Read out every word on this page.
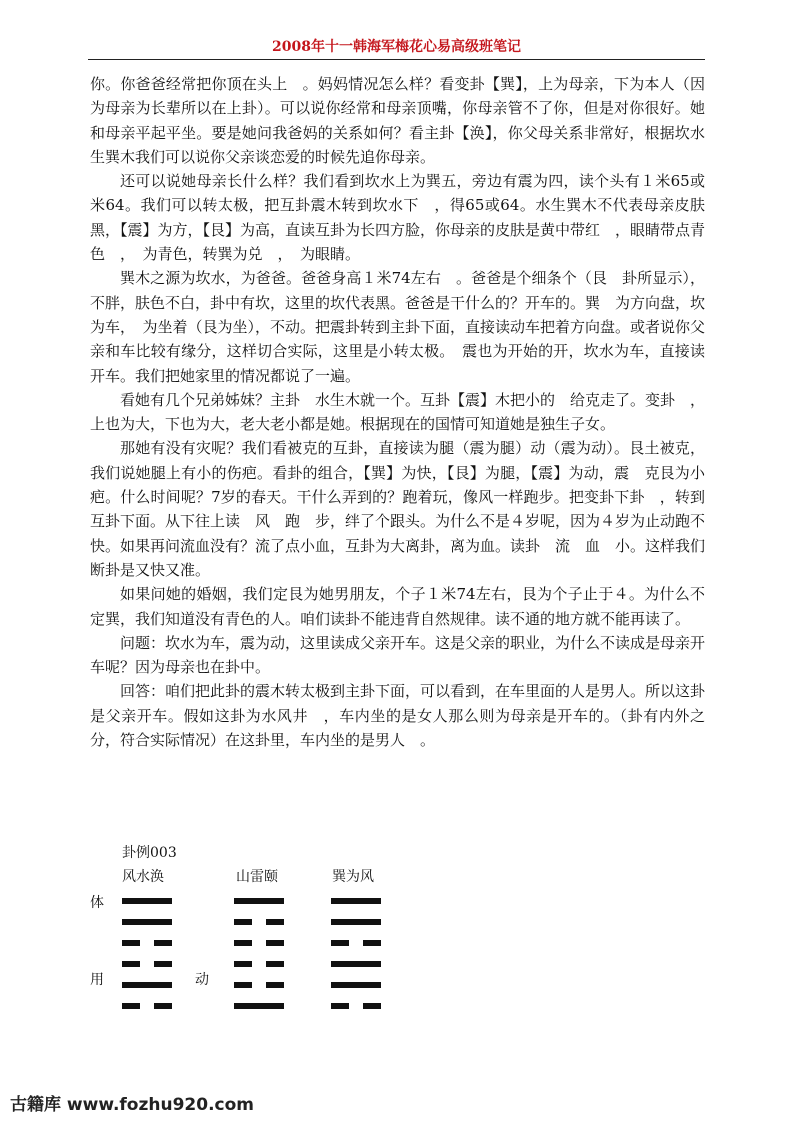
2008年十一韩海军梅花心易高级班笔记

你。你爸爸经常把你顶在头上　。妈妈情况怎么样？看变卦【巽】，上为母亲，下为本人（因为母亲为长辈所以在上卦）。可以说你经常和母亲顶嘴，你母亲管不了你，但是对你很好。她和母亲平起平坐。要是她问我爸妈的关系如何？看主卦【涣】，你父母关系非常好，根据坎水生巽木我们可以说你父亲谈恋爱的时候先追你母亲。

还可以说她母亲长什么样？我们看到坎水上为巽五，旁边有震为四，读个头有１米65或米64。我们可以转太极，把互卦震木转到坎水下　，得65或64。水生巽木不代表母亲皮肤黑，【震】为方，【艮】为高，直读互卦为长四方脸，你母亲的皮肤是黄中带红　，眼睛带点青色　，　为青色，转巽为兑　，　为眼睛。

巽木之源为坎水，为爸爸。爸爸身高１米74左右　。爸爸是个细条个（艮　卦所显示），不胖，肤色不白，卦中有坎，这里的坎代表黑。爸爸是干什么的？开车的。巽　为方向盘，坎　为车，　为坐着（艮为坐），不动。把震卦转到主卦下面，直接读动车把着方向盘。或者说你父亲和车比较有缘分，这样切合实际，这里是小转太极。　震也为开始的开，坎水为车，直接读开车。我们把她家里的情况都说了一遍。

看她有几个兄弟姊妹？主卦　水生木就一个。互卦【震】木把小的　给克走了。变卦　，上也为大，下也为大，老大老小都是她。根据现在的国情可知道她是独生子女。

那她有没有灾呢？我们看被克的互卦，直接读为腿（震为腿）动（震为动）。艮土被克，我们说她腿上有小的伤疤。看卦的组合，【巽】为快，【艮】为腿，【震】为动，震　克艮为小疤。什么时间呢？7岁的春天。干什么弄到的？跑着玩，像风一样跑步。把变卦下卦　，转到互卦下面。从下往上读　风　跑　步，绊了个跟头。为什么不是４岁呢，因为４岁为止动跑不快。如果再问流血没有？流了点小血，互卦为大离卦，离为血。读卦　流　血　小。这样我们断卦是又快又准。

如果问她的婚姻，我们定艮为她男朋友，个子１米74左右，艮为个子止于４。为什么不定巽，我们知道没有青色的人。咱们读卦不能违背自然规律。读不通的地方就不能再读了。

问题：坎水为车，震为动，这里读成父亲开车。这是父亲的职业，为什么不读成是母亲开车呢？因为母亲也在卦中。

回答：咱们把此卦的震木转太极到主卦下面，可以看到，在车里面的人是男人。所以这卦是父亲开车。假如这卦为水风井　，车内坐的是女人那么则为母亲是开车的。（卦有内外之分，符合实际情况）在这卦里，车内坐的是男人　。

卦例003
风水涣	山雷颐	巽为风
体
用	动
古籍库 www.fozhu920.com
